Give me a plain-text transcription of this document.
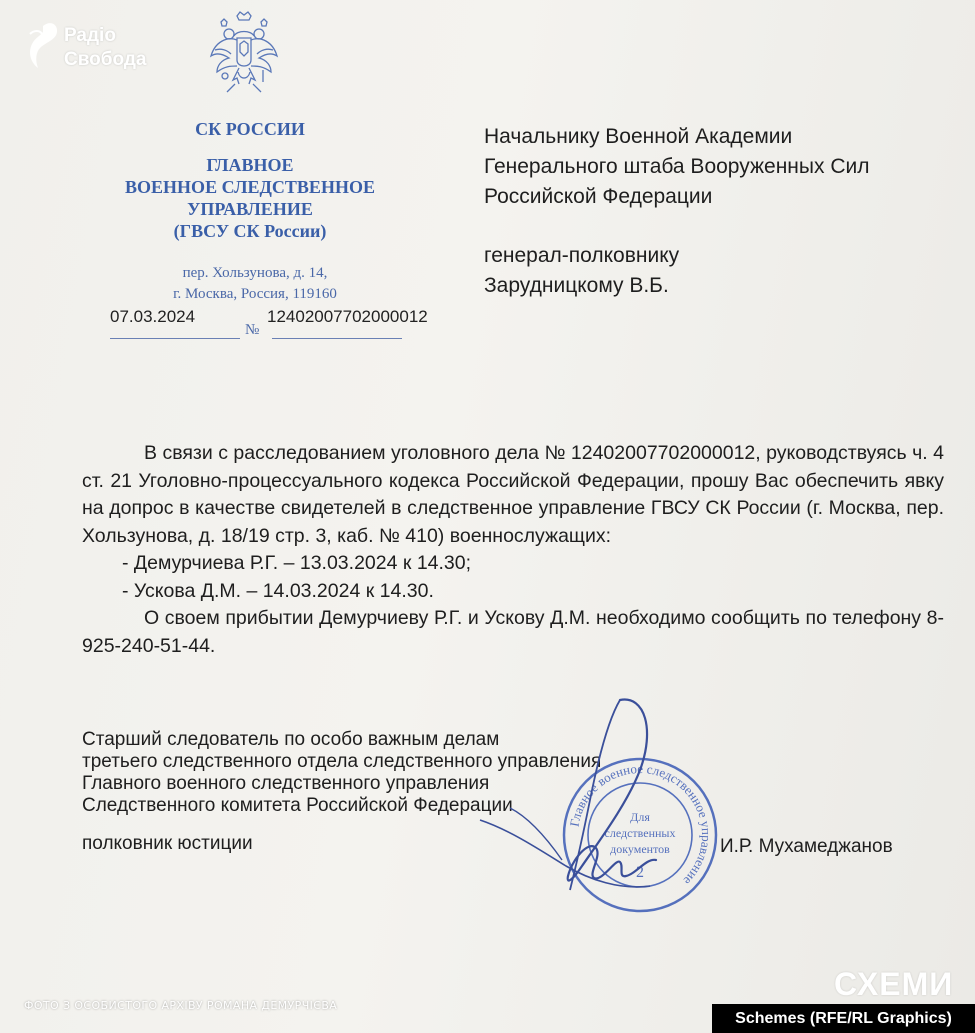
Радіо
Свобода
СК РОССИИ
ГЛАВНОЕ
ВОЕННОЕ СЛЕДСТВЕННОЕ
УПРАВЛЕНИЕ
(ГВСУ СК России)
пер. Хользунова, д. 14,
г. Москва, Россия, 119160
07.03.2024
№
12402007702000012
Начальнику Военной Академии
Генерального штаба Вооруженных Сил
Российской Федерации
генерал-полковнику
Зарудницкому В.Б.

В связи с расследованием уголовного дела № 12402007702000012, руководствуясь ч. 4 ст. 21 Уголовно-процессуального кодекса Российской Федерации, прошу Вас обеспечить явку на допрос в качестве свидетелей в следственное управление ГВСУ СК России (г. Москва, пер. Хользунова, д. 18/19 стр. 3, каб. № 410) военнослужащих:

- Демурчиева Р.Г. – 13.03.2024 к 14.30;

- Ускова Д.М. – 14.03.2024 к 14.30.

О своем прибытии Демурчиеву Р.Г. и Ускову Д.М. необходимо сообщить по телефону 8-925-240-51-44.

Старший следователь по особо важным делам
третьего следственного отдела следственного управления
Главного военного следственного управления
Следственного комитета Российской Федерации
полковник юстиции	И.Р. Мухамеджанов
Главное военное следственное управление
Для
следственных
документов
2
ФОТО З ОСОБИСТОГО АРХІВУ РОМАНА ДЕМУРЧІЄВА
СХЕМИ
Schemes (RFE/RL Graphics)
